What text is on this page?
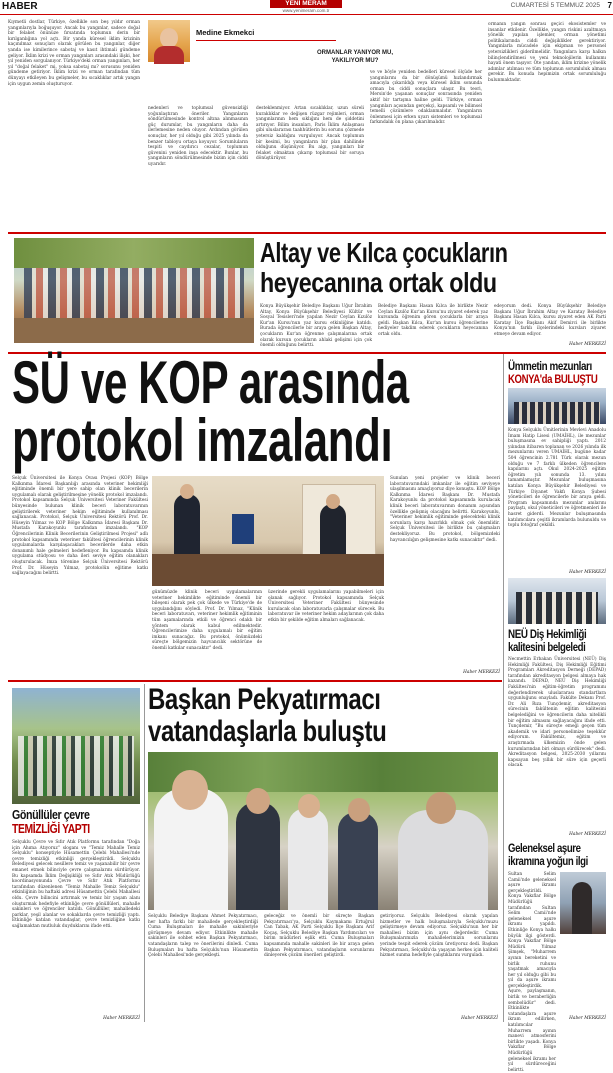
HABER	YENİ MERAM
www.yenimeram.com.tr
CUMARTESİ 5 TEMMUZ 2025 7
Kıymetli dostlar, Türkiye, özellikle son beş yıldır orman yangınlarıyla boğuşuyor. Ancak bu yangınlar, sadece doğal bir felaket önünüze fırsatında toplumun derin bir kırılganlığına yol açtı. Bir yanda küresel iklim krizinin kaçınılmaz sonuçları olarak görülen bu yangınlar, diğer yanda ise kimilerince sabotaj ve kasıt ihtimali gündeme geliyor. İklim krizi ve orman yangınları arasındaki ilişki, her yıl yeniden sorgulanıyor. Türkiye'deki orman yangınları, her yıl "doğal felaket" mi, yoksa sabotaj mı? sorusunu yeniden gündeme getiriyor. İklim krizi ve orman tarafından tüm dünyayı etkileyen bu gelişmeler, bu sıcaklıklar artık yangın için uygun zemin oluşturuyor.
Medine Ekmekci
ORMANLAR YANIYOR MU,
YAKILIYOR MU?
nedenleri ve toplumsal güvensizliği yoğunlaştıran öneriler. Yangınların söndürülmesinde kontrol altına alınmasının güç durumlar, bu yangınların daha da ilerlemesine neden oluyor. Ardından görülen sonuçlar, her yıl olduğu gibi 2025 yılında da benzer tabloyu ortaya koyuyor. Sorumluların tespiti ve caydırıcı cezalar, toplumun güvenini yeniden inşa edecektir. Bunlar, bu yangınların söndürülmesinde bizim için ciddi uyarıdır.
desteklenmiyor. Artan sıcaklıklar, uzun süreli kuraklıklar ve değişen rüzgar rejimleri, orman yangınlarının hem sıklığını hem de şiddetini artırıyor. Bilim insanları, Paris İklim Anlaşması gibi uluslararası taahhütlerin bu sorunu çözmede yetersiz kaldığını vurguluyor. Ancak toplumun bir kesimi, bu yangınların bir plan dahilinde olduğunu düşünüyor. Bu algı, yangınları bir felaket olmaktan çıkarıp toplumsal bir soruya dönüştürüyor.
ve ve böyle yeniden bedelleri küresel ölçüde her yangınlarını da bir dönüşümü hızlandırmak amacıyla çıkarıldığı veya küresel iklim sonunda orman bu ciddi sonuçlara ulaşır. Bu teori, Mersin'de yaşanan sonuçlar sonrasında yeniden aktif bir tartışma haline geldi. Türkiye, orman yangınları açısından gerçekçi, kapsamlı ve bilimsel temelli çözümlere odaklanmalıdır. Yangınların önlenmesi için erken uyarı sistemleri ve toplumsal farkındalık ön plana çıkarılmalıdır.
ormanın yangın sonrası geçici ekosistemler ve insanlar etkilenir. Özellikle, yangın riskini azaltmaya yönelik yapılan işlemler, orman yönetimi politikalarında ciddi değişiklikler gerektiriyor. Yangınlarla mücadele için ekipman ve personel yetersizlikleri giderilmelidir. Yangınlara karşı halkın bilinçlendirilmesi ve yeni teknolojilerin kullanımı hayati önem taşıyor. Öte yandan, iklim krizine yönelik adımlar atılması ve tüm toplumun sorumluluk alması gerekir. Bu konuda hepimizin ortak sorumluluğu bulunmaktadır.
Altay ve Kılca çocukların
heyecanına ortak oldu
Konya Büyükşehir Belediye Başkanı Uğur İbrahim Altay, Konya Büyükşehir Belediyesi Kültür ve Sosyal Tesisleri'nde yapılan Nezir Ceylan Kızılöz Kur'an Kursu'nun yaz kursu etkinliğine katıldı. Burada öğrencilerle bir araya gelen Başkan Altay, çocukların Kur'an öğrenme çalışmalarına ortak olarak kursun çocukların ahlaki gelişimi için çok önemli olduğunu belirtti.
Belediye Başkanı Hasan Kılca ile birlikte Nezir Ceylan Kızılöz Kur'an Kursu'nu ziyaret ederek yaz kursunda öğrenim gören çocuklarla bir araya geldi. Başkan Kılca, Kur'an kursu öğrencilerine hediyeler takdim ederek çocukların heyecanına ortak oldu.
edeyorum dedi. Konya Büyükşehir Belediye Başkanı Uğur İbrahim Altay ve Karatay Belediye Başkanı Hasan Kılca, kursu ziyaret eden AK Parti Karatay İlçe Başkanı Akif Demirci ile birlikte Konya'nın farklı ilçelerindeki kursları ziyaret etmeye devam ediyor.
Haber MERKEZİ
SÜ ve KOP arasında
protokol imzalandı
Selçuk Üniversitesi ile Konya Ovası Projesi (KOP) Bölge Kalkınma İdaresi Başkanlığı arasında veteriner hekimliği eğitiminde önemli bir yere sahip olan klinik becerilerin uygulamalı olarak geliştirilmesine yönelik protokol imzalandı. Protokol kapsamında Selçuk Üniversitesi Veteriner Fakültesi bünyesinde bulunan klinik beceri laboratuvarının geliştirilerek veteriner hekim eğitiminde kullanılması sağlanacak. Protokol, Selçuk Üniversitesi Rektörü Prof. Dr. Hüseyin Yılmaz ve KOP Bölge Kalkınma İdaresi Başkanı Dr. Mustafa Karakoyunlu tarafından imzalandı. "KOP Öğrencilerinin Klinik Becerilerinin Geliştirilmesi Projesi" adlı protokol kapsamında veteriner fakültesi öğrencilerinin klinik uygulamalarda karşılaşacakları becerilerde daha etkin donanımlı hale gelmeleri hedefleniyor. Bu kapsamda klinik uygulama stüdyosu ve daha ileri seviye eğitim olanakları oluşturulacak. İmza törenine Selçuk Üniversitesi Rektörü Prof. Dr. Hüseyin Yılmaz, protokolün eğitime katkı sağlayacağını belirtti.
günümüzde klinik beceri uygulamalarının veteriner hekimlikte eğitiminde önemli bir bileşeni olarak pek çok ülkede ve Türkiye'de de uygulandığını söyledi. Prof. Dr. Yılmaz, "Klinik beceri laboratuvarı, veteriner hekimlik eğitiminin tüm aşamalarında etkili ve öğrenci odaklı bir yöntem olarak kabul edilmektedir. Öğrencilerimize daha uygulamalı bir eğitim imkanı sunacağız. Bu protokol, önümüzdeki süreçte bölgemizin hayvancılık sektörüne de önemli katkılar sunacaktır" dedi.
üzerinde gerekli uygulamalarını yapabilmeleri için olanak sağlıyor. Protokol kapsamında Selçuk Üniversitesi Veteriner Fakültesi bünyesinde kurulacak olan laboratuvarla çalışmalar sürecek. Bu laboratuvar ile veteriner hekim adaylarının çok daha etkin bir şekilde eğitim almaları sağlanacak.
Sunulan yeni projeler ve klinik beceri laboratuvarındaki imkanlar ile eğitim seviyeye ulaşılmasını amaçlıyoruz diye konuştu. KOP Bölge Kalkınma İdaresi Başkanı Dr. Mustafa Karakoyunlu da protokol kapsamında kurulacak klinik beceri laboratuvarının donanım açısından özellikle gelişmiş olacağını belirtti. Karakoyunlu, "Veteriner hekimlik eğitiminde gelecekteki klinik sorunlara karşı hazırlıklı olmak çok önemlidir. Selçuk Üniversitesi ile birlikte bu çalışmaları destekliyoruz. Bu protokol, bölgemizdeki hayvancılığın gelişmesine katkı sunacaktır" dedi.
Haber MERKEZİ
Ümmetin mezunları
KONYA'da BULUŞTU
Konya Selçuklu Ümitlerinin Mevlevi Anadolu İmam Hatip Lisesi (UMAİHL), ile mezunlar buluşmasına ev sahipliği yaptı. 2012 yılından itibaren toplanan ve 2026 yılında ilk mezunlarını veren UMAİHL, bugüne kadar 504 öğrencinin 2.781 Türk olarak mezun olduğu ve 7 farklı ülkeden öğrencilere kapılarını açtı. Okul 2024-2025 eğitim öğretim yılı sonunda 13. yılını tamamlamıştır. Mezunlar buluşmasına katılan Konya Büyükşehir Belediyesi ve Türkiye Diyanet Vakfı Konya Şubesi yöneticileri de öğrencilerle bir araya geldi. Program kapsamında mezunlar anılarını paylaştı, okul yöneticileri ve öğretmenleri ile hasret giderdi. Mezunlar buluşmasında katılımcılara çeşitli ikramlarda bulunuldu ve toplu fotoğraf çekildi.
Haber MERKEZİ
NEÜ Diş Hekimliği
kalitesini belgeledi
Necmettin Erbakan Üniversitesi (NEÜ) Diş Hekimliği Fakültesi, Diş Hekimliği Eğitimi Programları Akreditasyon Derneği (DEPAD) tarafından akreditasyon belgesi almaya hak kazandı. DEPAD, NEÜ Diş Hekimliği Fakültesi'nin eğitim-öğretim programını değerlendirerek uluslararası standartlara uygunluğunu onayladı. Fakülte Dekanı Prof. Dr. Ali Rıza Tunçdemir, akreditasyon sürecinin fakültenin eğitim kalitesini belgelediğini ve öğrencilerin daha nitelikli bir eğitim almasını sağlayacağını ifade etti. Tunçdemir, "Bu süreçte emeği geçen tüm akademik ve idari personelimize teşekkür ediyorum. Fakültemiz, eğitim ve araştırmada ülkemizin önde gelen kurumlarından biri olmayı sürdürecek" dedi. Akreditasyon belgesi, 2025-2030 yıllarını kapsayan beş yıllık bir süre için geçerli olacak.
Haber MERKEZİ
Başkan Pekyatırmacı
vatandaşlarla buluştu
Selçuklu Belediye Başkanı Ahmet Pekyatırmacı, her hafta farklı bir mahallede gerçekleştirdiği Cuma Buluşmaları ile mahalle sakinleriyle görüşmeye devam ediyor. Etkinlikte mahalle sakinleri ile sohbet eden Başkan Pekyatırmacı, vatandaşların talep ve önerilerini dinledi. Cuma Buluşmaları bu hafta Selçuklu'nun Hüsamettin Çelebi Mahallesi'nde gerçekleşti.
geleceğiz ve önemli bir süreçte Başkan Pekyatırmacı'ya, Selçuklu Kaymakamı Ertuğrul Can Tabak, AK Parti Selçuklu İlçe Başkanı Arif Koçaş, Selçuklu Belediye Başkan Yardımcıları ve birim müdürleri eşlik etti. Cuma Buluşmaları kapsamında mahalle sakinleri ile bir araya gelen Başkan Pekyatırmacı, vatandaşların sorunlarını dinleyerek çözüm önerileri geliştirdi.
getiriyoruz. Selçuklu Belediyesi olarak yapılan hizmetler ve halk buluşmalarıyla Selçuklu'muzu geliştirmeye devam ediyoruz. Selçuklu'nun her bir mahallesi bizim için aynı değerdedir. Cuma Buluşmalarımızla mahallelerimizin sorunlarını yerinde tespit ederek çözüm üretiyoruz dedi. Başkan Pekyatırmacı, Selçuklu'da yaşayan herkes için kaliteli hizmet sunma hedefiyle çalıştıklarını vurguladı.
Haber MERKEZİ
Gönüllüler çevre
TEMİZLİĞİ YAPTI
Selçuklu Çevre ve Sıfır Atık Platformu tarafından "Doğa için Ahıma Atıyoruz" sloganı ve "Temiz Mahalle Temiz Selçuklu" konseptiyle Hüsamettin Çelebi Mahallesi'nde çevre temizliği etkinliği gerçekleştirildi. Selçuklu Belediyesi gelecek nesillere temiz ve yaşanabilir bir çevre emanet etmek bilinciyle çevre çalışmalarını sürdürüyor. Bu kapsamda İklim Değişikliği ve Sıfır Atık Müdürlüğü koordinasyonunda Çevre ve Sıfır Atık Platformu tarafından düzenlenen "Temiz Mahalle Temiz Selçuklu" etkinliğinin bu haftaki adresi Hüsamettin Çelebi Mahallesi oldu. Çevre bilincini artırmak ve temiz bir yaşam alanı oluşturmak hedefiyle etkinliğe çevre gönüllüleri, mahalle sakinleri ve öğrenciler katıldı. Gönüllüler, mahalledeki parklar, yeşil alanlar ve sokaklarda çevre temizliği yaptı. Etkinliğe katılan vatandaşlar, çevre temizliğine katkı sağlamaktan mutluluk duyduklarını ifade etti.
Haber MERKEZİ
Geleneksel aşure
ikramına yoğun ilgi
Sultan Selim Camii'nde geleneksel aşure ikramı gerçekleştirildi. Konya Vakıflar Bölge Müdürlüğü tarafından Sultan Selim Camii'nde geleneksel aşure ikramı yapıldı. Etkinliğe Konya halkı büyük ilgi gösterdi. Konya Vakıflar Bölge Müdürü Yılmaz Şimşek, "Muharrem ayının bereketini ve birlik ruhunu yaşatmak amacıyla her yıl olduğu gibi bu yıl da aşure ikramı gerçekleştirdik. Aşure, paylaşmanın, birlik ve beraberliğin sembolüdür" dedi. Etkinlikte vatandaşlara aşure ikram edilirken, katılımcılar Muharrem ayının manevi atmosferini birlikte yaşadı. Konya Vakıflar Bölge Müdürlüğü geleneksel ikramı her yıl sürdüreceğini belirtti.
Haber MERKEZİ
